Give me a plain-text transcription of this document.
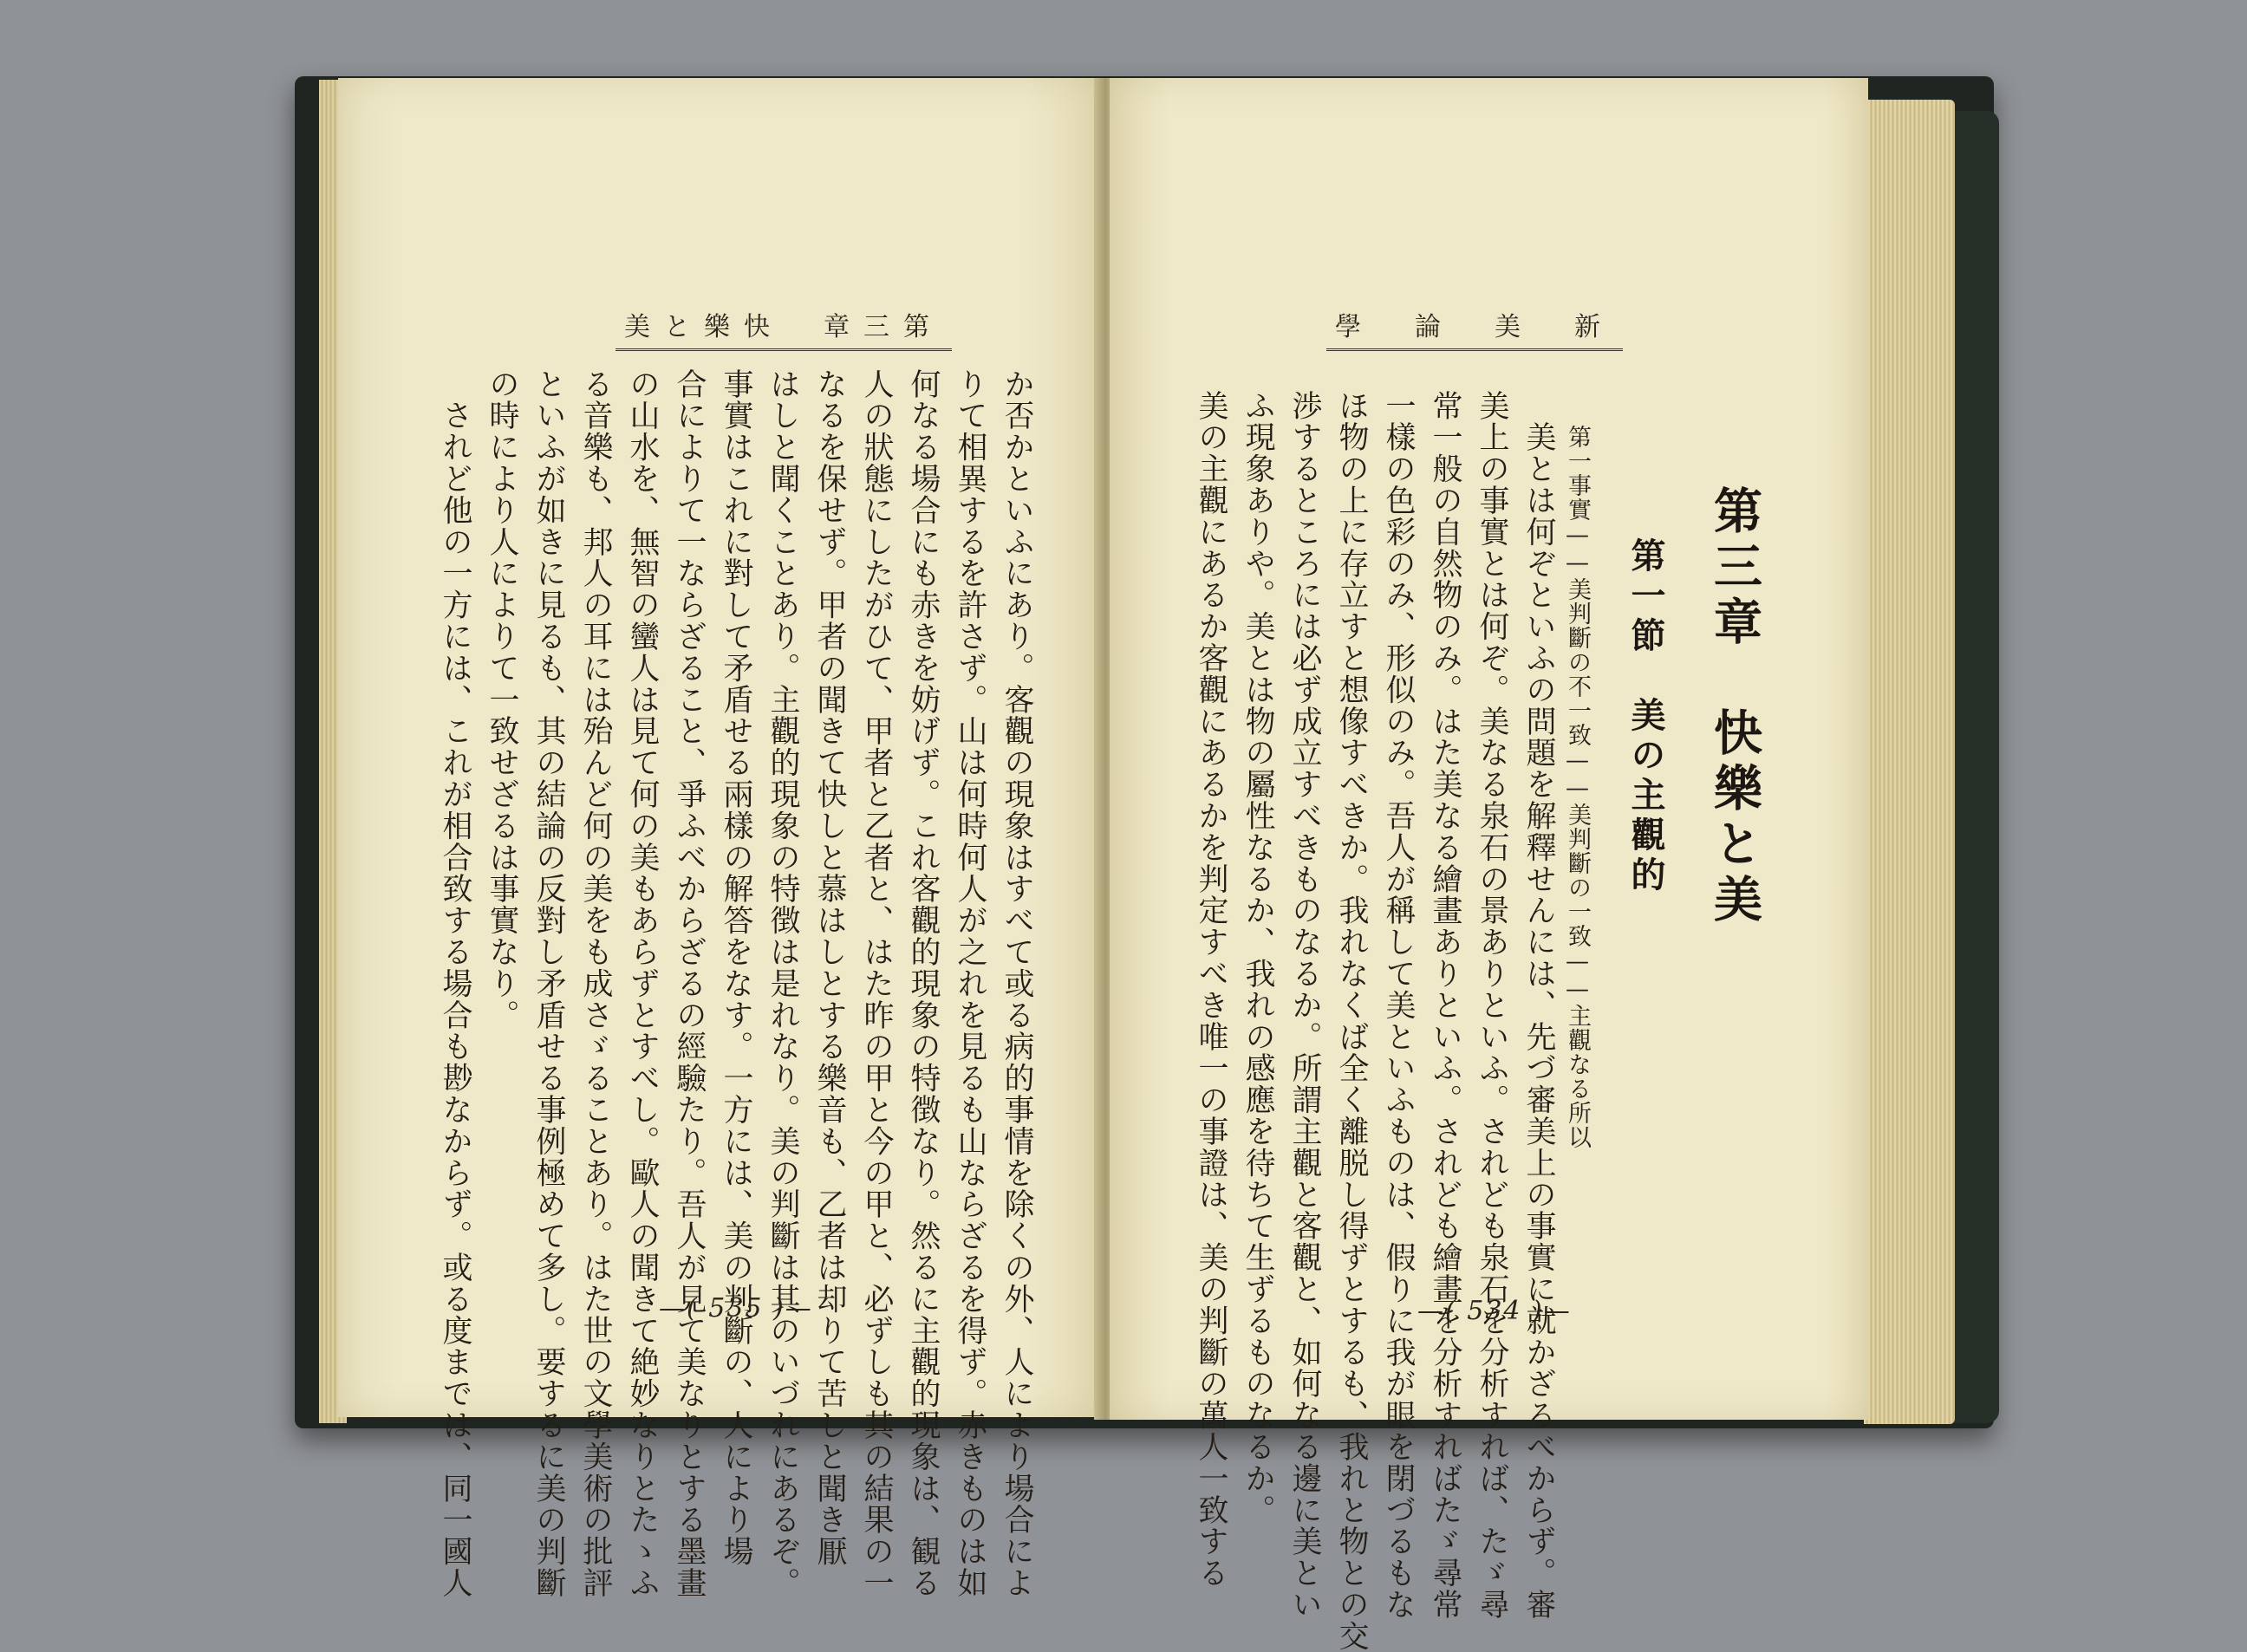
美と樂快　章三第

か否かといふにあり。客觀の現象はすべて或る病的事情を除くの外、人により場合によ

りて相異するを許さず。山は何時何人が之れを見るも山ならざるを得ず。赤きものは如

何なる場合にも赤きを妨げず。これ客觀的現象の特徴なり。然るに主觀的現象は、観る

人の狀態にしたがひて、甲者と乙者と、はた昨の甲と今の甲と、必ずしも其の結果の一

なるを保せず。甲者の聞きて快しと慕はしとする樂音も、乙者は却りて苦しと聞き厭

はしと聞くことあり。主觀的現象の特徴は是れなり。美の判斷は其のいづれにあるぞ。

事實はこれに對して矛盾せる兩樣の解答をなす。一方には、美の判斷の、人により場

合によりて一ならざること、爭ふべからざるの經驗たり。吾人が見て美なりとする墨畫

の山水を、無智の蠻人は見て何の美もあらずとすべし。歐人の聞きて絶妙なりとたゝふ

る音樂も、邦人の耳には殆んど何の美をも成さゞることあり。はた世の文學美術の批評

といふが如きに見るも、其の結論の反對し矛盾せる事例極めて多し。要するに美の判斷

の時により人によりて一致せざるは事實なり。

　されど他の一方には、これが相合致する場合も尠なからず。或る度までは、同一國人	—( 535 )—
學　論　美　新
第三章　快樂と美
第一節　美の主觀的
第一事實——美判斷の不一致——美判斷の一致——主觀なる所以

　美とは何ぞといふの問題を解釋せんには、先づ審美上の事實に就かざるべからず。審

美上の事實とは何ぞ。美なる泉石の景ありといふ。されども泉石を分析すれば、たゞ尋

常一般の自然物のみ。はた美なる繪畫ありといふ。されども繪畫を分析すればたゞ尋常

一樣の色彩のみ、形似のみ。吾人が稱して美といふものは、假りに我が眼を閉づるもな

ほ物の上に存立すと想像すべきか。我れなくば全く離脱し得ずとするも、我れと物との交

渉するところには必ず成立すべきものなるか。所謂主觀と客觀と、如何なる邊に美とい

ふ現象ありや。美とは物の屬性なるか、我れの感應を待ちて生ずるものなるか。

美の主觀にあるか客觀にあるかを判定すべき唯一の事證は、美の判斷の萬人一致する	—( 534 )—
